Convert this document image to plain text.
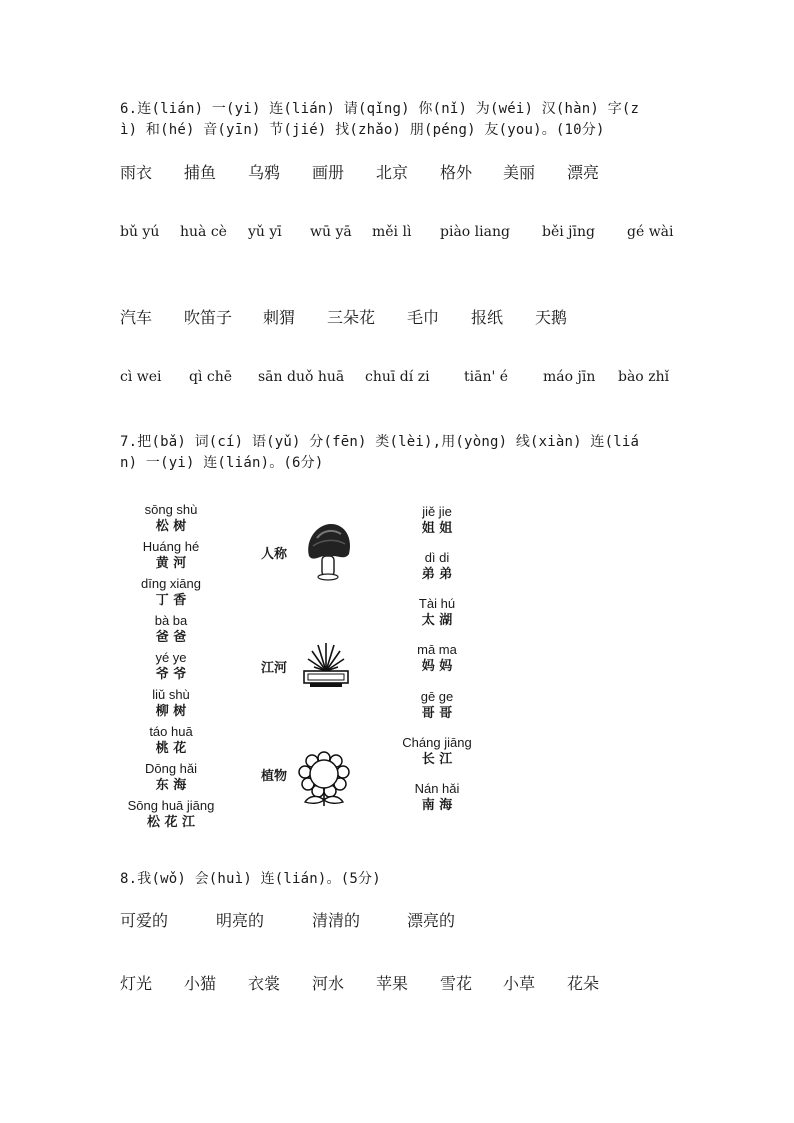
6.连(lián) 一(yi) 连(lián) 请(qǐng) 你(nǐ) 为(wéi) 汉(hàn) 字(z
ì) 和(hé) 音(yīn) 节(jié) 找(zhǎo) 朋(péng) 友(you)。(10分)
雨衣 捕鱼 乌鸦 画册 北京 格外 美丽 漂亮
bǔ yú huà cè yǔ yī wū yā měi lì piào liang běi jīng gé wài
汽车 吹笛子 刺猬 三朵花 毛巾 报纸 天鹅
cì wei qì chē sān duǒ huā chuī dí zi tiān' é máo jīn bào zhǐ
7.把(bǎ) 词(cí) 语(yǔ) 分(fēn) 类(lèi),用(yòng) 线(xiàn) 连(liá
n) 一(yi) 连(lián)。(6分)
sōng shù
松 树
Huáng hé
黄 河
dīng xiāng
丁 香
bà ba
爸 爸
yé ye
爷 爷
liǔ shù
柳 树
táo huā
桃 花
Dōng hǎi
东 海
Sōng huā jiāng
松 花 江
人称
江河
植物
jiě jie
姐 姐
dì di
弟 弟
Tài hú
太 湖
mā ma
妈 妈
gē ge
哥 哥
Cháng jiāng
长 江
Nán hǎi
南 海
8.我(wǒ) 会(huì) 连(lián)。(5分)
可爱的	明亮的	清清的	漂亮的
灯光 小猫 衣裳 河水 苹果 雪花 小草 花朵
